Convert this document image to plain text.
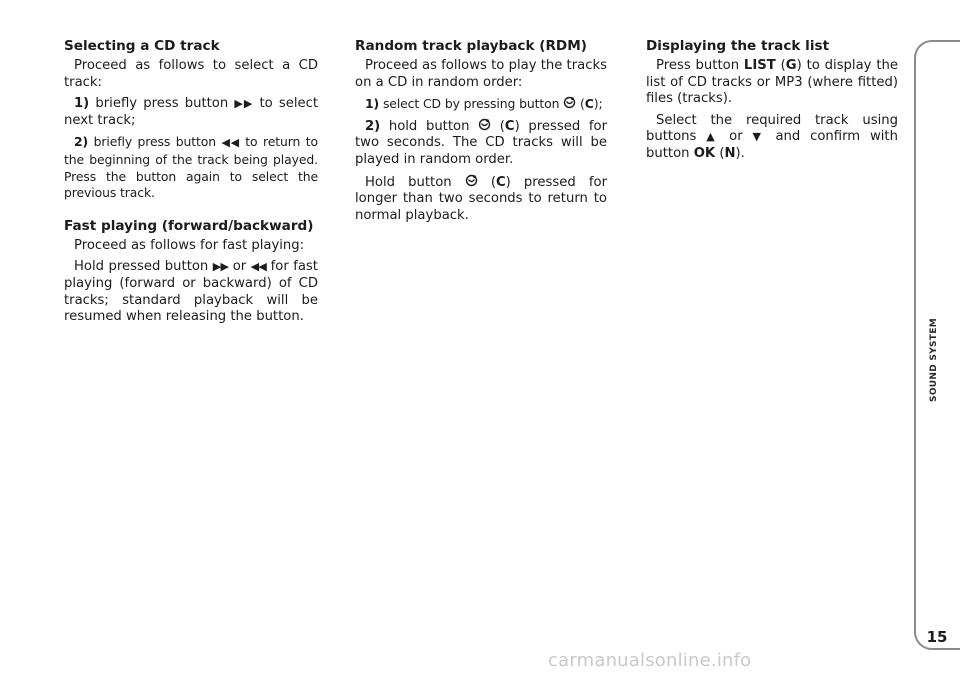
Selecting a CD track

Proceed as follows to select a CD track:

1) briefly press button ▶▶ to select next track;

2) briefly press button ◀◀ to return to the beginning of the track being played. Press the button again to select the previous track.

Fast playing (forward/backward)

Proceed as follows for fast playing:

Hold pressed button ▶▶ or ◀◀ for fast playing (forward or backward) of CD tracks; standard playback will be resumed when releasing the button.

Random track playback (RDM)

Proceed as follows to play the tracks on a CD in random order:

1) select CD by pressing button  (C);

2) hold button  (C) pressed for two seconds. The CD tracks will be played in random order.

Hold button  (C) pressed for longer than two seconds to return to normal playback.

Displaying the track list

Press button LIST (G) to display the list of CD tracks or MP3 (where fitted) files (tracks).

Select the required track using buttons ▲ or ▼ and confirm with button OK (N).

SOUND SYSTEM
15
carmanualsonline.info
